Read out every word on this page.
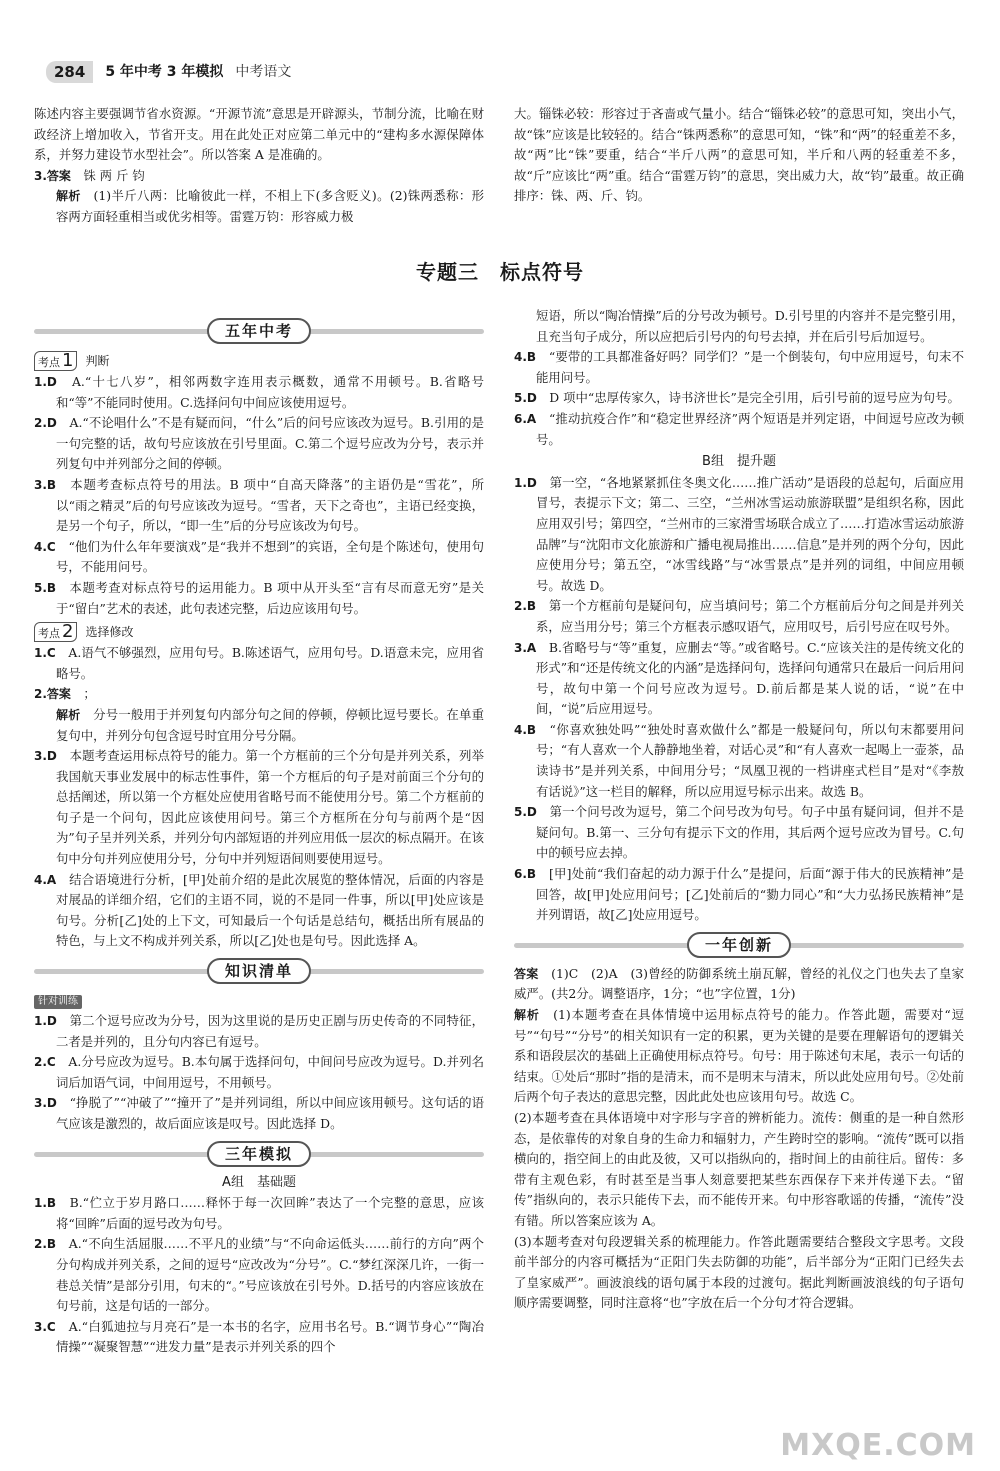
284	5 年中考 3 年模拟 中考语文

陈述内容主要强调节省水资源。“开源节流”意思是开辟源头，节制分流，比喻在财政经济上增加收入，节省开支。用在此处正对应第二单元中的“建构多水源保障体系，并努力建设节水型社会”。所以答案 A 是准确的。

3.答案　 铢 两 斤 钧

解析　 (1)半斤八两：比喻彼此一样，不相上下(多含贬义)。(2)铢两悉称：形容两方面轻重相当或优劣相等。雷霆万钧：形容威力极

大。锱铢必较：形容过于吝啬或气量小。结合“锱铢必较”的意思可知，突出小气，故“铢”应该是比较轻的。结合“铢两悉称”的意思可知，“铢”和“两”的轻重差不多，故“两”比“铢”要重，结合“半斤八两”的意思可知，半斤和八两的轻重差不多，故“斤”应该比“两”重。结合“雷霆万钧”的意思，突出威力大，故“钧”最重。故正确排序：铢、两、斤、钧。

专题三　标点符号
五年中考
考点 1	判断

1.D　 A.“十七八岁”，相邻两数字连用表示概数，通常不用顿号。B.省略号和“等”不能同时使用。C.选择问句中间应该使用逗号。

2.D　 A.“不论唱什么”不是有疑而问，“什么”后的问号应该改为逗号。B.引用的是一句完整的话，故句号应该放在引号里面。C.第二个逗号应改为分号，表示并列复句中并列部分之间的停顿。

3.B　 本题考查标点符号的用法。B 项中“自高天降落”的主语仍是“雪花”，所以“雨之精灵”后的句号应该改为逗号。“雪者，天下之奇也”，主语已经变换，是另一个句子，所以，“即一生”后的分号应该改为句号。

4.C　 “他们为什么年年要演戏”是“我并不想到”的宾语，全句是个陈述句，使用句号，不能用问号。

5.B　 本题考查对标点符号的运用能力。B 项中从开头至“言有尽而意无穷”是关于“留白”艺术的表述，此句表述完整，后边应该用句号。

考点 2	选择修改

1.C　 A.语气不够强烈，应用句号。B.陈述语气，应用句号。D.语意未完，应用省略号。

2.答案　 ；

解析　 分号一般用于并列复句内部分句之间的停顿，停顿比逗号要长。在单重复句中，并列分句包含逗号时宜用分号分隔。

3.D　 本题考查运用标点符号的能力。第一个方框前的三个分句是并列关系，列举我国航天事业发展中的标志性事件，第一个方框后的句子是对前面三个分句的总括阐述，所以第一个方框处应使用省略号而不能使用分号。第二个方框前的句子是一个问句，因此应该使用问号。第三个方框所在分句与前两个是“因为”句子呈并列关系，并列分句内部短语的并列应用低一层次的标点隔开。在该句中分句并列应使用分号，分句中并列短语间则要使用逗号。

4.A　 结合语境进行分析，[甲]处前介绍的是此次展览的整体情况，后面的内容是对展品的详细介绍，它们的主语不同，说的不是同一件事，所以[甲]处应该是句号。分析[乙]处的上下文，可知最后一个句话是总结句，概括出所有展品的特色，与上文不构成并列关系，所以[乙]处也是句号。因此选择 A。

知识清单
针对训练

1.D　 第二个逗号应改为分号，因为这里说的是历史正剧与历史传奇的不同特征，二者是并列的，且分句内容已有逗号。

2.C　 A.分号应改为逗号。B.本句属于选择问句，中间问号应改为逗号。D.并列名词后加语气词，中间用逗号，不用顿号。

3.D　 “挣脱了”“冲破了”“撞开了”是并列词组，所以中间应该用顿号。这句话的语气应该是激烈的，故后面应该是叹号。因此选择 D。

三年模拟
A组　基础题

1.B　 B.“伫立于岁月路口……释怀于每一次回眸”表达了一个完整的意思，应该将“回眸”后面的逗号改为句号。

2.B　 A.“不向生活屈服……不平凡的业绩”与“不向命运低头……前行的方向”两个分句构成并列关系，之间的逗号“应改改为“分号”。C.“梦红深深几许，一街一巷总关情”是部分引用，句末的“。”号应该放在引号外。D.括号的内容应该放在句号前，这是句话的一部分。

3.C　 A.“白狐迪拉与月亮石”是一本书的名字，应用书名号。B.“调节身心”“陶冶情操”“凝聚智慧”“进发力量”是表示并列关系的四个

短语，所以“陶冶情操”后的分号改为顿号。D.引号里的内容并不是完整引用，且充当句子成分，所以应把后引号内的句号去掉，并在后引号后加逗号。

4.B　 “要带的工具都准备好吗？同学们？”是一个倒装句，句中应用逗号，句末不能用问号。

5.D　 D 项中“忠厚传家久，诗书济世长”是完全引用，后引号前的逗号应为句号。

6.A　 “推动抗疫合作”和“稳定世界经济”两个短语是并列定语，中间逗号应改为顿号。

B组　提升题

1.D　 第一空，“各地紧紧抓住冬奥文化……推广活动”是语段的总起句，后面应用冒号，表提示下文；第二、三空，“兰州冰雪运动旅游联盟”是组织名称，因此应用双引号；第四空，“兰州市的三家滑雪场联合成立了……打造冰雪运动旅游品牌”与“沈阳市文化旅游和广播电视局推出……信息”是并列的两个分句，因此应使用分号；第五空，“冰雪线路”与“冰雪景点”是并列的词组，中间应用顿号。故选 D。

2.B　 第一个方框前句是疑问句，应当填问号；第二个方框前后分句之间是并列关系，应当用分号；第三个方框表示感叹语气，应用叹号，后引号应在叹号外。

3.A　 B.省略号与“等”重复，应删去“等。”或省略号。C.“应该关注的是传统文化的形式”和“还是传统文化的内涵”是选择问句，选择问句通常只在最后一问后用问号，故句中第一个问号应改为逗号。D.前后都是某人说的话，“说”在中间，“说”后应用逗号。

4.B　 “你喜欢独处吗”“独处时喜欢做什么”都是一般疑问句，所以句末都要用问号；“有人喜欢一个人静静地坐着，对话心灵”和“有人喜欢一起喝上一壶茶，品读诗书”是并列关系，中间用分号；“凤凰卫视的一档讲座式栏目”是对“《李敖有话说》”这一栏目的解释，所以应用逗号标示出来。故选 B。

5.D　 第一个问号改为逗号，第二个问号改为句号。句子中虽有疑问词，但并不是疑问句。B.第一、三分句有提示下文的作用，其后两个逗号应改为冒号。C.句中的顿号应去掉。

6.B　 [甲]处前“我们奋起的动力源于什么”是提问，后面“源于伟大的民族精神”是回答，故[甲]处应用问号；[乙]处前后的“勠力同心”和“大力弘扬民族精神”是并列谓语，故[乙]处应用逗号。

一年创新

答案　 (1)C　(2)A　(3)曾经的防御系统土崩瓦解，曾经的礼仪之门也失去了皇家威严。(共2分。调整语序，1分；“也”字位置，1分)

解析　 (1)本题考查在具体情境中运用标点符号的能力。作答此题，需要对“逗号”“句号”“分号”的相关知识有一定的积累，更为关键的是要在理解语句的逻辑关系和语段层次的基础上正确使用标点符号。句号：用于陈述句末尾，表示一句话的结束。①处后“那时”指的是清末，而不是明末与清末，所以此处应用句号。②处前后两个句子表达的意思完整，因此此处也应该用句号。故选 C。

(2)本题考查在具体语境中对字形与字音的辨析能力。流传：侧重的是一种自然形态，是依靠传的对象自身的生命力和辐射力，产生跨时空的影响。“流传”既可以指横向的，指空间上的由此及彼，又可以指纵向的，指时间上的由前往后。留传：多带有主观色彩，有时甚至是当事人刻意要把某些东西保存下来并传递下去。“留传”指纵向的，表示只能传下去，而不能传开来。句中形容歌谣的传播，“流传”没有错。所以答案应该为 A。

(3)本题考查对句段逻辑关系的梳理能力。作答此题需要结合整段文字思考。文段前半部分的内容可概括为“正阳门失去防御的功能”，后半部分为“正阳门已经失去了皇家威严”。画波浪线的语句属于本段的过渡句。据此判断画波浪线的句子语句顺序需要调整，同时注意将“也”字放在后一个分句才符合逻辑。

MXQE.COM
